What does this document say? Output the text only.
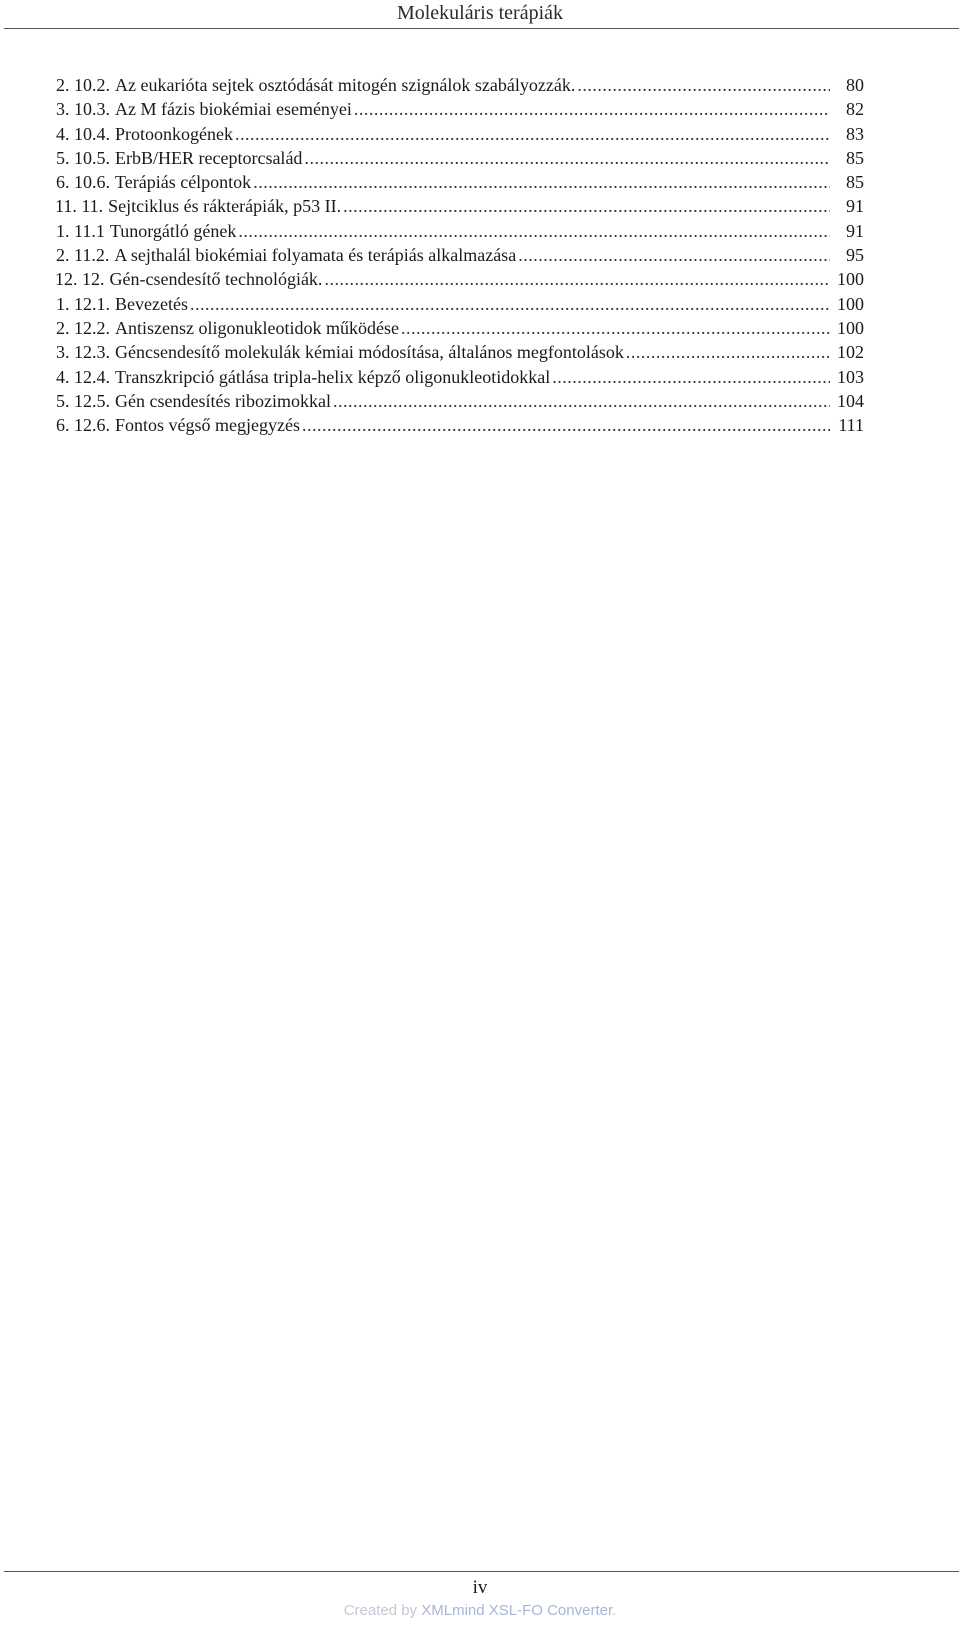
Molekuláris terápiák
2. 10.2. Az eukarióta sejtek osztódását mitogén szignálok szabályozzák. .....	80
3. 10.3. Az M fázis biokémiai eseményei .....	82
4. 10.4. Protoonkogének .....	83
5. 10.5. ErbB/HER receptorcsalád .....	85
6. 10.6. Terápiás célpontok .....	85
11. 11. Sejtciklus és rákterápiák, p53 II. .....	91
1. 11.1 Tunorgátló gének .....	91
2. 11.2. A sejthalál biokémiai folyamata és terápiás alkalmazása .....	95
12. 12. Gén-csendesítő technológiák. .....	100
1. 12.1. Bevezetés .....	100
2. 12.2. Antiszensz oligonukleotidok működése .....	100
3. 12.3. Géncsendesítő molekulák kémiai módosítása, általános megfontolások .....	102
4. 12.4. Transzkripció gátlása tripla-helix képző oligonukleotidokkal .....	103
5. 12.5. Gén csendesítés ribozimokkal .....	104
6. 12.6. Fontos végső megjegyzés .....	111
iv
Created by XMLmind XSL-FO Converter.
